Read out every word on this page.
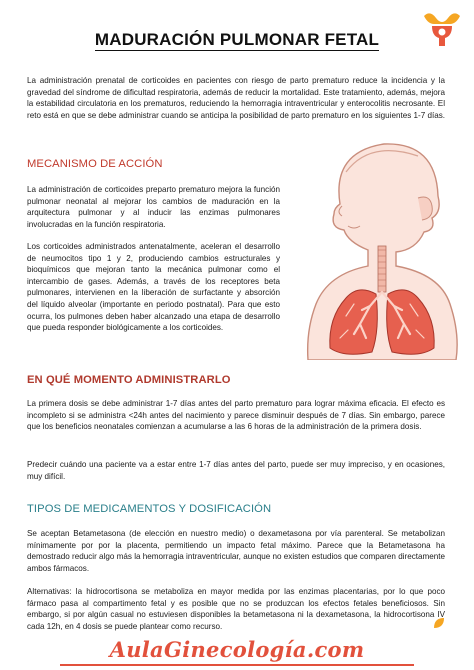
MADURACIÓN PULMONAR FETAL

La administración prenatal de corticoides en pacientes con riesgo de parto prematuro reduce la incidencia y la gravedad del síndrome de dificultad respiratoria, además de reducir la mortalidad. Este tratamiento, además, mejora la estabilidad circulatoria en los prematuros, reduciendo la hemorragia intraventricular y enterocolitis necrosante. El reto está en que se debe administrar cuando se anticipa la posibilidad de parto prematuro en los siguientes 1-7 días.

MECANISMO DE ACCIÓN

La administración de corticoides preparto prematuro mejora la función pulmonar neonatal al mejorar los cambios de maduración en la arquitectura pulmonar y al inducir las enzimas pulmonares involucradas en la función respiratoria.

Los corticoides administrados antenatalmente, aceleran el desarrollo de neumocitos tipo 1 y 2, produciendo cambios estructurales y bioquímicos que mejoran tanto la mecánica pulmonar como el intercambio de gases. Además, a través de los receptores beta pulmonares, intervienen en la liberación de surfactante y absorción del líquido alveolar (importante en periodo postnatal). Para que esto ocurra, los pulmones deben haber alcanzado una etapa de desarrollo que pueda responder biológicamente a los corticoides.

EN QUÉ MOMENTO ADMINISTRARLO

La primera dosis se debe administrar 1-7 días antes del parto prematuro para lograr máxima eficacia. El efecto es incompleto si se administra <24h antes del nacimiento y parece disminuir después de 7 días. Sin embargo, parece que los beneficios neonatales comienzan a acumularse a las 6 horas de la administración de la primera dosis.

Predecir cuándo una paciente va a estar entre 1-7 días antes del parto, puede ser muy impreciso, y en ocasiones, muy difícil.

TIPOS DE MEDICAMENTOS Y DOSIFICACIÓN

Se aceptan Betametasona (de elección en nuestro medio) o dexametasona por vía parenteral. Se metabolizan mínimamente por por la placenta, permitiendo un impacto fetal máximo. Parece que la Betametasona ha demostrado reducir algo más la hemorragia intraventricular, aunque no existen estudios que comparen directamente ambos fármacos.

Alternativas: la hidrocortisona se metaboliza en mayor medida por las enzimas placentarias, por lo que poco fármaco pasa al compartimento fetal y es posible que no se produzcan los efectos fetales beneficiosos. Sin embargo, si por algún casual no estuviesen disponibles la betametasona ni la dexametasona, la hidrocortisona IV cada 12h, en 4 dosis se puede plantear como recurso.

AulaGinecología.com
